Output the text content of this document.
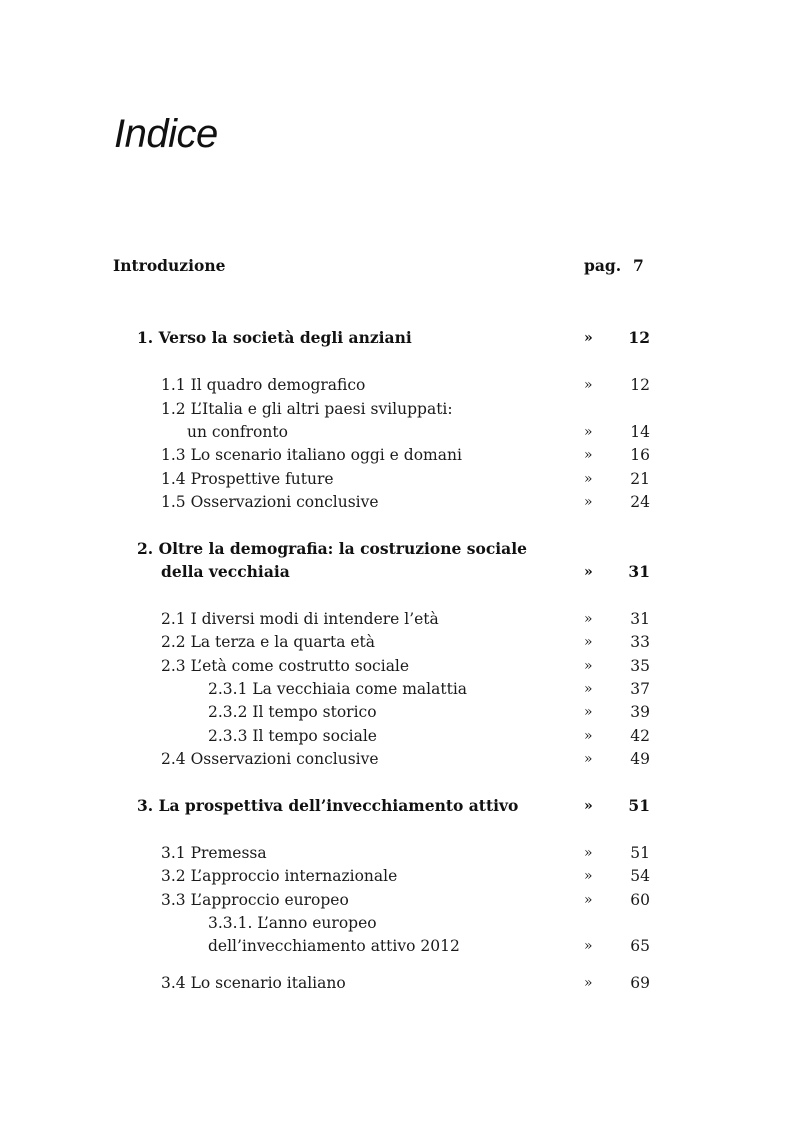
Indice
Introduzione	pag. 7
1. Verso la società degli anziani	» 12
1.1 Il quadro demografico	» 12
1.2 L’Italia e gli altri paesi sviluppati:
un confronto	» 14
1.3 Lo scenario italiano oggi e domani	» 16
1.4 Prospettive future	» 21
1.5 Osservazioni conclusive	» 24
2. Oltre la demografia: la costruzione sociale
della vecchiaia	» 31
2.1 I diversi modi di intendere l’età	» 31
2.2 La terza e la quarta età	» 33
2.3 L’età come costrutto sociale	» 35
2.3.1 La vecchiaia come malattia	» 37
2.3.2 Il tempo storico	» 39
2.3.3 Il tempo sociale	» 42
2.4 Osservazioni conclusive	» 49
3. La prospettiva dell’invecchiamento attivo	» 51
3.1 Premessa	» 51
3.2 L’approccio internazionale	» 54
3.3 L’approccio europeo	» 60
3.3.1. L’anno europeo
dell’invecchiamento attivo 2012	» 65
3.4 Lo scenario italiano	» 69
